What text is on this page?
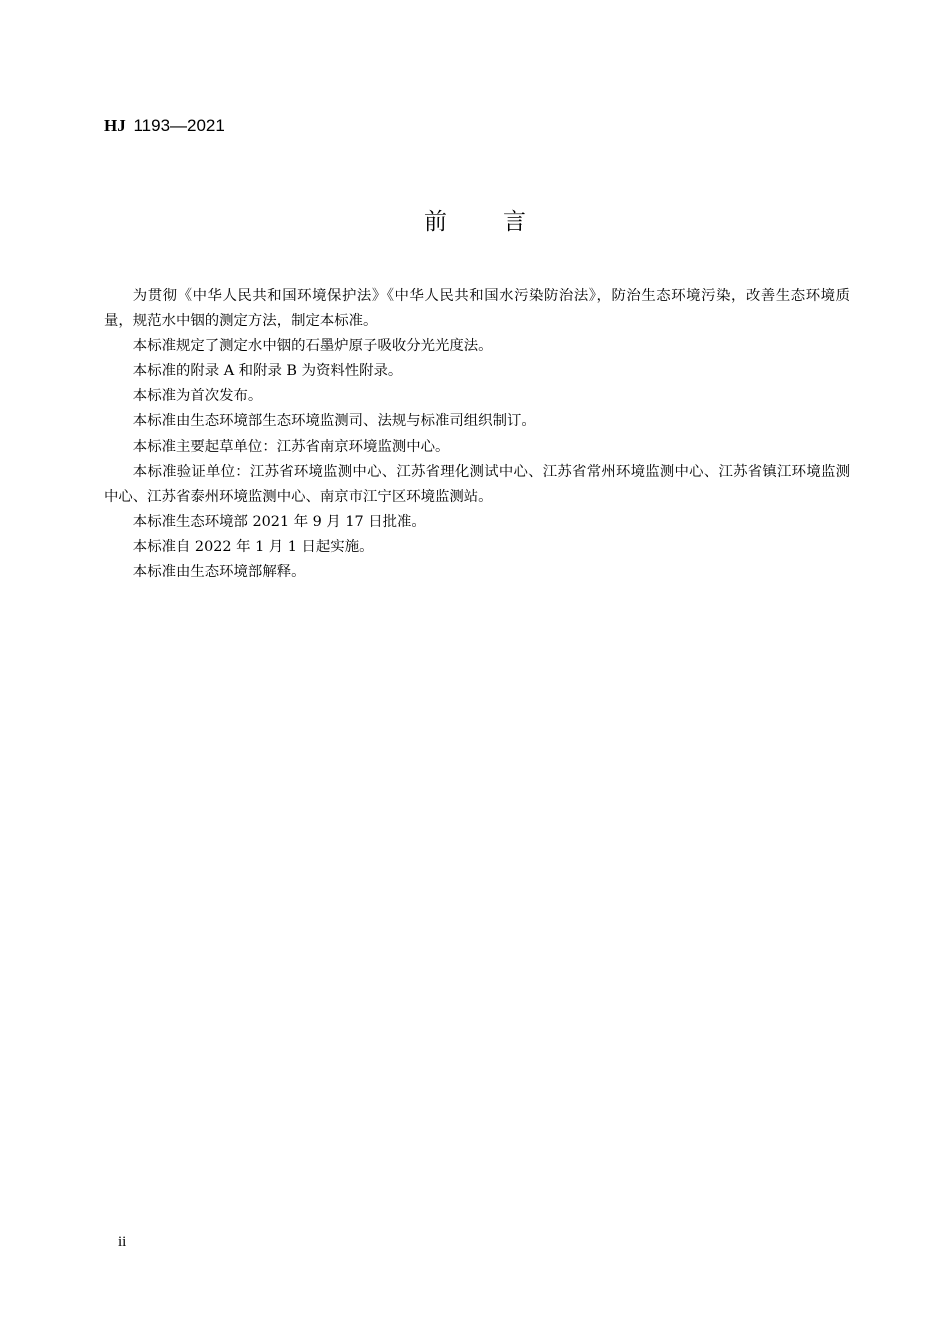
HJ 1193—2021
前言

为贯彻《中华人民共和国环境保护法》《中华人民共和国水污染防治法》，防治生态环境污染，改善生态环境质量，规范水中铟的测定方法，制定本标准。

本标准规定了测定水中铟的石墨炉原子吸收分光光度法。

本标准的附录 A 和附录 B 为资料性附录。

本标准为首次发布。

本标准由生态环境部生态环境监测司、法规与标准司组织制订。

本标准主要起草单位：江苏省南京环境监测中心。

本标准验证单位：江苏省环境监测中心、江苏省理化测试中心、江苏省常州环境监测中心、江苏省镇江环境监测中心、江苏省泰州环境监测中心、南京市江宁区环境监测站。

本标准生态环境部 2021 年 9 月 17 日批准。

本标准自 2022 年 1 月 1 日起实施。

本标准由生态环境部解释。

ii
